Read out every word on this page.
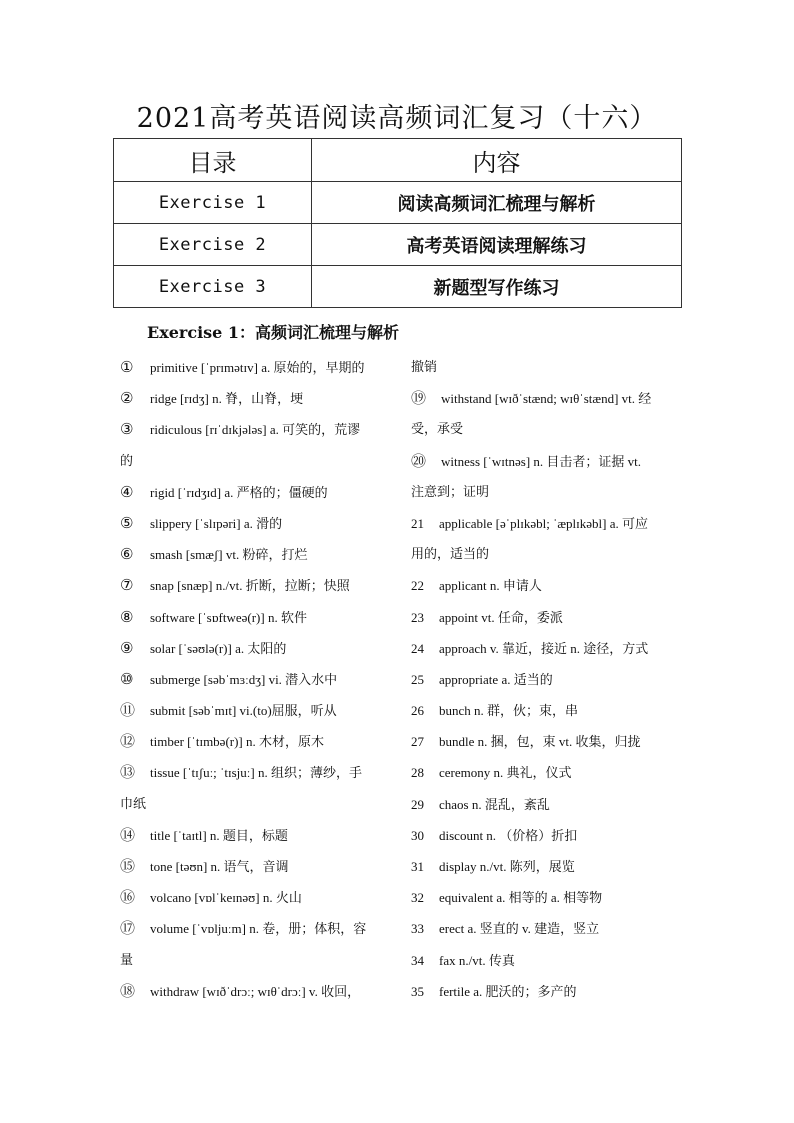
2021高考英语阅读高频词汇复习（十六）
目录	内容
Exercise 1	阅读高频词汇梳理与解析
Exercise 2	高考英语阅读理解练习
Exercise 3	新题型写作练习
Exercise 1：高频词汇梳理与解析
① primitive [ˈprɪmətɪv] a. 原始的，早期的
② ridge [rɪdʒ] n. 脊，山脊，埂
③ ridiculous [rɪˈdɪkjələs] a. 可笑的，荒谬
的
④ rigid [ˈrɪdʒɪd] a. 严格的；僵硬的
⑤ slippery [ˈslɪpəri] a. 滑的
⑥ smash [smæʃ] vt. 粉碎，打烂
⑦ snap [snæp] n./vt. 折断，拉断；快照
⑧ software [ˈsɒftweə(r)] n. 软件
⑨ solar [ˈsəʊlə(r)] a. 太阳的
⑩ submerge [səbˈmɜːdʒ] vi. 潜入水中
⑪ submit [səbˈmɪt] vi.(to)屈服，听从
⑫ timber [ˈtɪmbə(r)] n. 木材，原木
⑬ tissue [ˈtɪʃuː; ˈtɪsjuː] n. 组织；薄纱，手
巾纸
⑭ title [ˈtaɪtl] n. 题目，标题
⑮ tone [təʊn] n. 语气，音调
⑯ volcano [vɒlˈkeɪnəʊ] n. 火山
⑰ volume [ˈvɒljuːm] n. 卷，册；体积，容
量
⑱ withdraw [wɪðˈdrɔː; wɪθˈdrɔː] v. 收回，
撤销
⑲ withstand [wɪðˈstænd; wɪθˈstænd] vt. 经
受，承受
⑳ witness [ˈwɪtnəs] n. 目击者；证据 vt.
注意到；证明
21 applicable [əˈplɪkəbl; ˈæplɪkəbl] a. 可应
用的，适当的
22 applicant n. 申请人
23 appoint vt. 任命，委派
24 approach v. 靠近，接近 n. 途径，方式
25 appropriate a. 适当的
26 bunch n. 群，伙；束，串
27 bundle n. 捆，包，束 vt. 收集，归拢
28 ceremony n. 典礼，仪式
29 chaos n. 混乱，紊乱
30 discount n. （价格）折扣
31 display n./vt. 陈列，展览
32 equivalent a. 相等的 a. 相等物
33 erect a. 竖直的 v. 建造，竖立
34 fax n./vt. 传真
35 fertile a. 肥沃的；多产的
